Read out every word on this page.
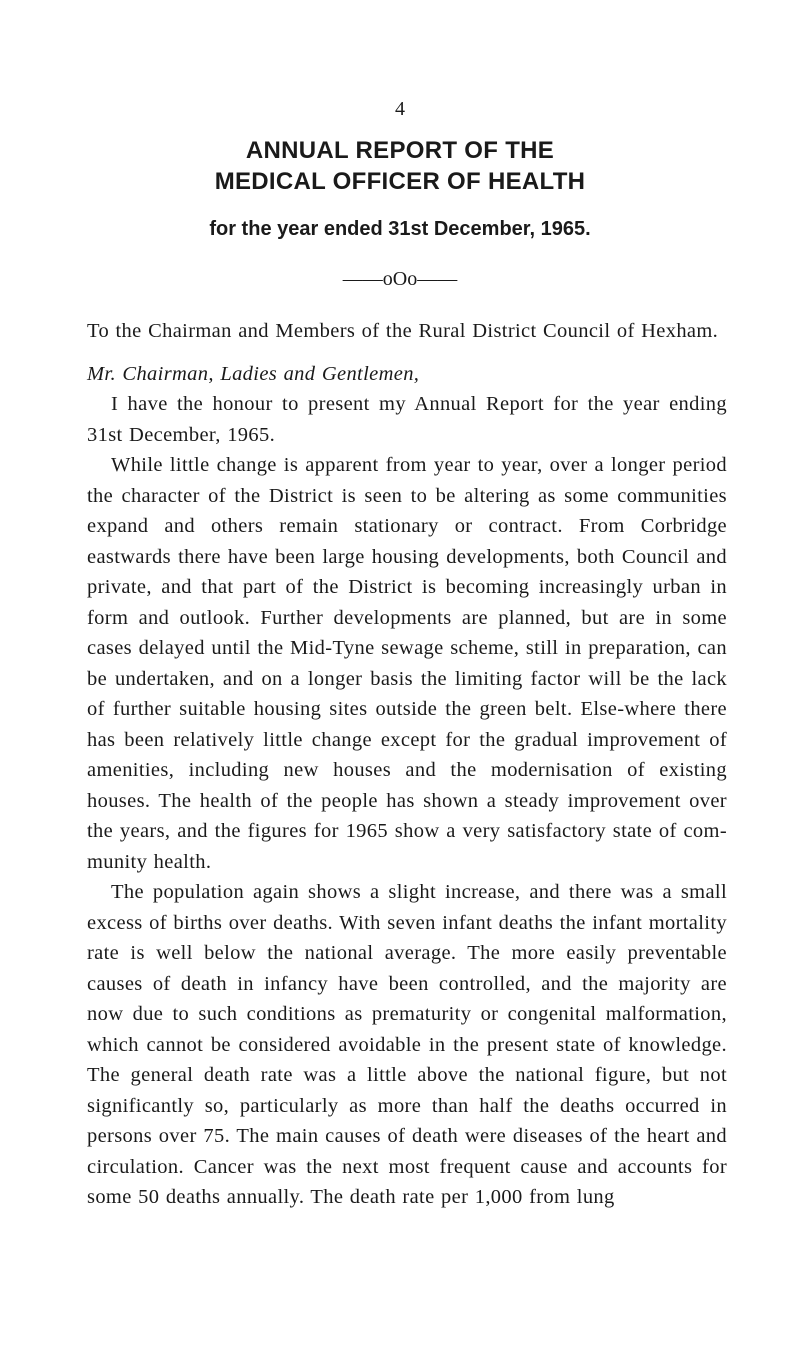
4
ANNUAL REPORT OF THE
MEDICAL OFFICER OF HEALTH
for the year ended 31st December, 1965.
——oOo——

To the Chairman and Members of the Rural District Council of Hexham.

Mr. Chairman, Ladies and Gentlemen,

I have the honour to present my Annual Report for the year ending 31st December, 1965.

While little change is apparent from year to year, over a longer period the character of the District is seen to be altering as some communities expand and others remain stationary or contract. From Corbridge eastwards there have been large housing developments, both Council and private, and that part of the District is becoming increasingly urban in form and outlook. Further developments are planned, but are in some cases delayed until the Mid-Tyne sewage scheme, still in preparation, can be undertaken, and on a longer basis the limiting factor will be the lack of further suitable housing sites outside the green belt. Else-where there has been relatively little change except for the gradual improvement of amenities, including new houses and the modernisation of existing houses. The health of the people has shown a steady improvement over the years, and the figures for 1965 show a very satisfactory state of com-munity health.

The population again shows a slight increase, and there was a small excess of births over deaths. With seven infant deaths the infant mortality rate is well below the national average. The more easily preventable causes of death in infancy have been controlled, and the majority are now due to such conditions as prematurity or congenital malformation, which cannot be considered avoidable in the present state of knowledge. The general death rate was a little above the national figure, but not significantly so, particularly as more than half the deaths occurred in persons over 75. The main causes of death were diseases of the heart and circulation. Cancer was the next most frequent cause and accounts for some 50 deaths annually. The death rate per 1,000 from lung
